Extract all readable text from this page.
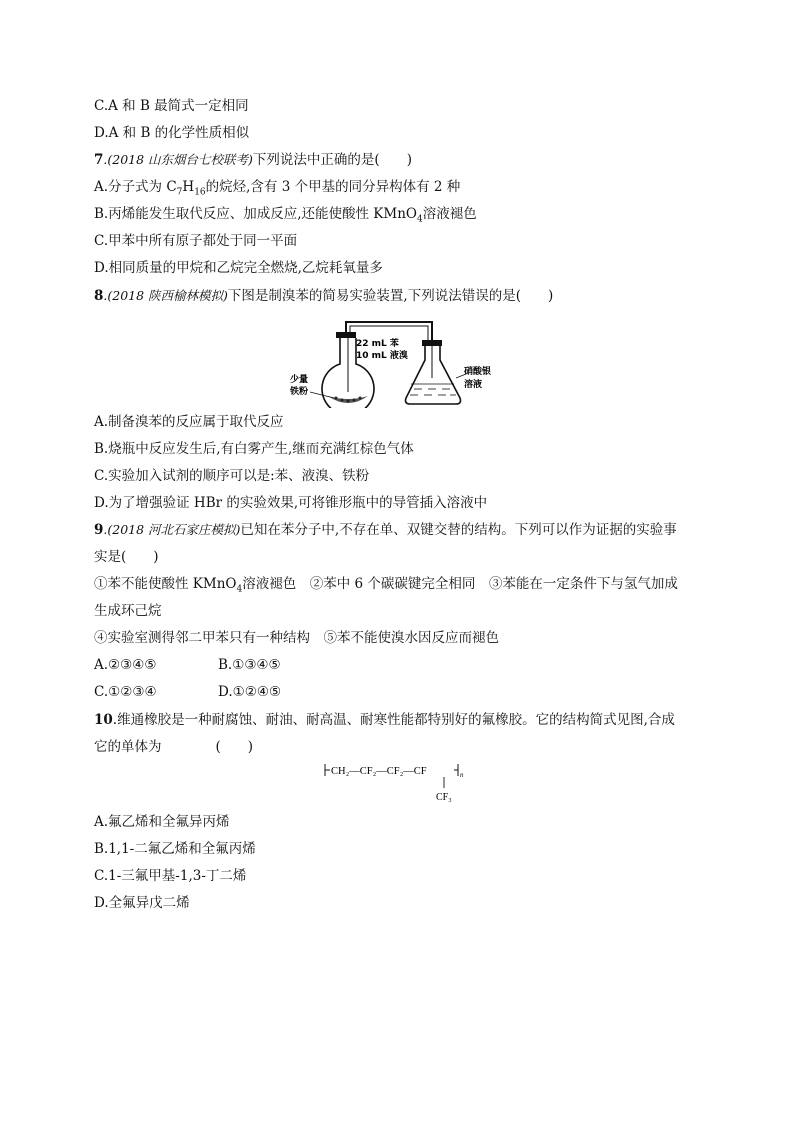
C.A 和 B 最简式一定相同
D.A 和 B 的化学性质相似
7.(2018 山东烟台七校联考)下列说法中正确的是(　　)
A.分子式为 $C_7H_{16}$的烷烃,含有 3 个甲基的同分异构体有 2 种
B.丙烯能发生取代反应、加成反应,还能使酸性 KMnO$_4$溶液褪色
C.甲苯中所有原子都处于同一平面
D.相同质量的甲烷和乙烷完全燃烧,乙烷耗氧量多
8.(2018 陕西榆林模拟)下图是制溴苯的简易实验装置,下列说法错误的是(　　)
22 mL 苯
10 mL 液溴
少量
铁粉
硝酸银
溶液
A.制备溴苯的反应属于取代反应
B.烧瓶中反应发生后,有白雾产生,继而充满红棕色气体
C.实验加入试剂的顺序可以是:苯、液溴、铁粉
D.为了增强验证 HBr 的实验效果,可将锥形瓶中的导管插入溶液中
9.(2018 河北石家庄模拟)已知在苯分子中,不存在单、双键交替的结构。下列可以作为证据的实验事
实是(　　)
①苯不能使酸性 KMnO$_4$溶液褪色　②苯中 6 个碳碳键完全相同　③苯能在一定条件下与氢气加成
生成环己烷
④实验室测得邻二甲苯只有一种结构　⑤苯不能使溴水因反应而褪色
A.②③④⑤	B.①③④⑤
C.①②③④	D.①②④⑤
10.维通橡胶是一种耐腐蚀、耐油、耐高温、耐寒性能都特别好的氟橡胶。它的结构简式见图,合成
它的单体为　　　　(　　)
CH₂—CF₂—CF₂—CF	n
CF₃
A.氟乙烯和全氟异丙烯
B.1,1-二氟乙烯和全氟丙烯
C.1-三氟甲基-1,3-丁二烯
D.全氟异戊二烯
